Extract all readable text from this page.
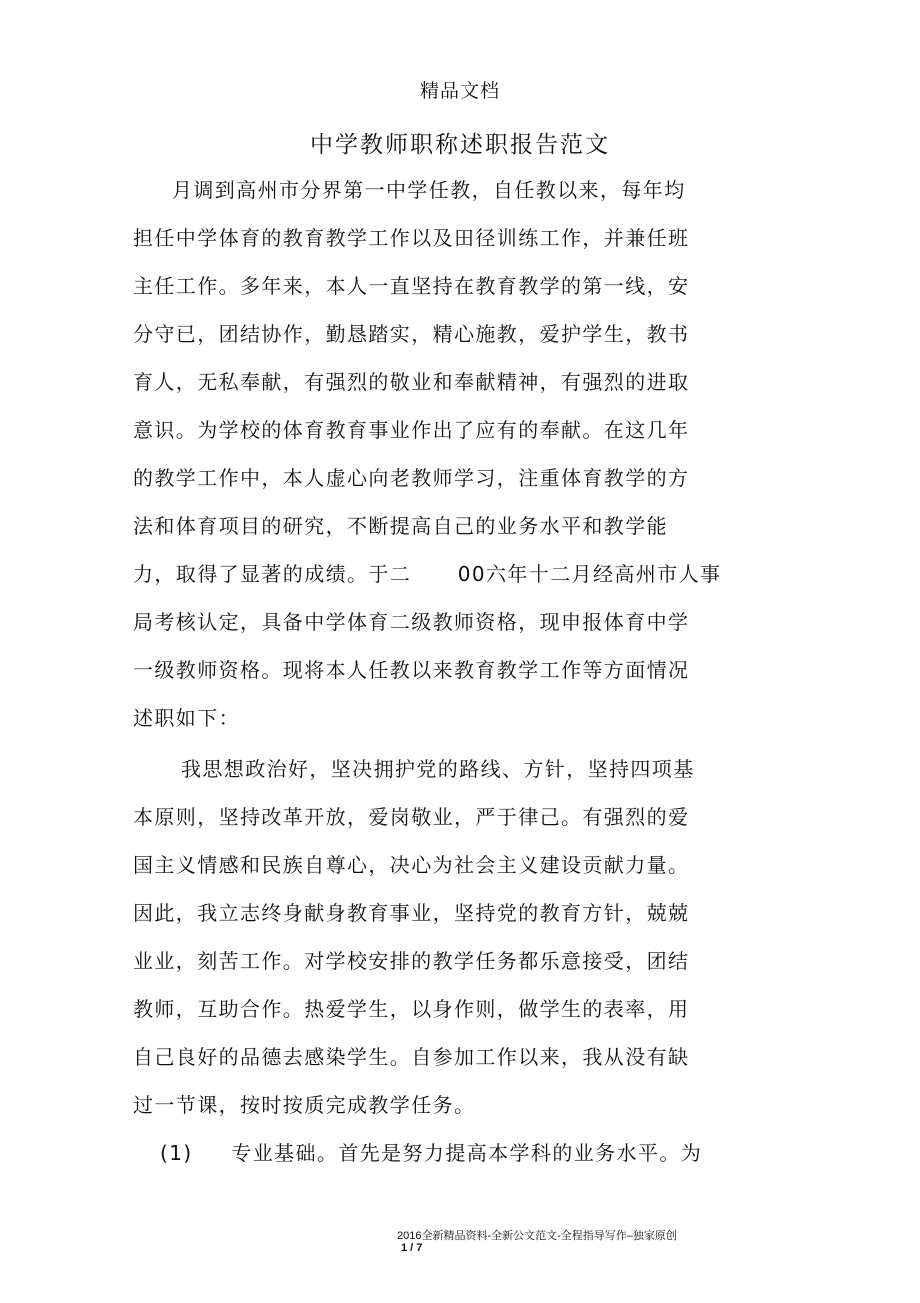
精品文档
中学教师职称述职报告范文
月调到高州市分界第一中学任教，自任教以来，每年均
担任中学体育的教育教学工作以及田径训练工作，并兼任班
主任工作。多年来，本人一直坚持在教育教学的第一线，安
分守已，团结协作，勤恳踏实，精心施教，爱护学生，教书
育人，无私奉献，有强烈的敬业和奉献精神，有强烈的进取
意识。为学校的体育教育事业作出了应有的奉献。在这几年
的教学工作中，本人虚心向老教师学习，注重体育教学的方
法和体育项目的研究，不断提高自己的业务水平和教学能
力，取得了显著的成绩。于二      00六年十二月经高州市人事
局考核认定，具备中学体育二级教师资格，现申报体育中学
一级教师资格。现将本人任教以来教育教学工作等方面情况
述职如下：
我思想政治好，坚决拥护党的路线、方针，坚持四项基
本原则，坚持改革开放，爱岗敬业，严于律己。有强烈的爱
国主义情感和民族自尊心，决心为社会主义建设贡献力量。
因此，我立志终身献身教育事业，坚持党的教育方针，兢兢
业业，刻苦工作。对学校安排的教学任务都乐意接受，团结
教师，互助合作。热爱学生，以身作则，做学生的表率，用
自己良好的品德去感染学生。自参加工作以来，我从没有缺
过一节课，按时按质完成教学任务。
(1)     专业基础。首先是努力提高本学科的业务水平。为
2016全新精品资料-全新公文范文-全程指导写作–独家原创
1 / 7
